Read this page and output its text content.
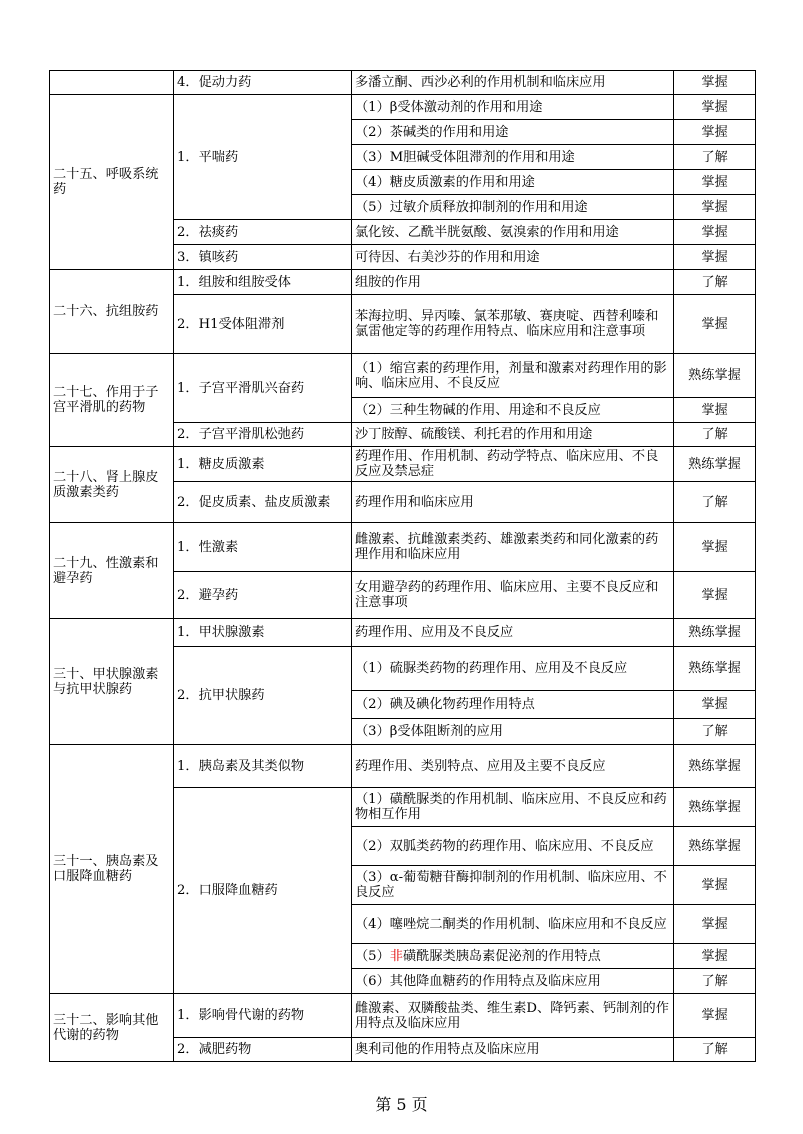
	4．促动力药	多潘立酮、西沙必利的作用机制和临床应用	掌握
二十五、呼吸系统药	1．平喘药	（1）β受体激动剂的作用和用途	掌握
		（2）茶碱类的作用和用途	掌握
		（3）M胆碱受体阻滞剂的作用和用途	了解
		（4）糖皮质激素的作用和用途	掌握
		（5）过敏介质释放抑制剂的作用和用途	掌握
	2．祛痰药	氯化铵、乙酰半胱氨酸、氨溴索的作用和用途	掌握
	3．镇咳药	可待因、右美沙芬的作用和用途	掌握
二十六、抗组胺药	1．组胺和组胺受体	组胺的作用	了解
	2．H1受体阻滞剂	苯海拉明、异丙嗪、氯苯那敏、赛庚啶、西替利嗪和氯雷他定等的药理作用特点、临床应用和注意事项	掌握
二十七、作用于子宫平滑肌的药物	1．子宫平滑肌兴奋药	（1）缩宫素的药理作用，剂量和激素对药理作用的影响、临床应用、不良反应	熟练掌握
		（2）三种生物碱的作用、用途和不良反应	掌握
	2．子宫平滑肌松弛药	沙丁胺醇、硫酸镁、利托君的作用和用途	了解
二十八、肾上腺皮质激素类药	1．糖皮质激素	药理作用、作用机制、药动学特点、临床应用、不良反应及禁忌症	熟练掌握
	2．促皮质素、盐皮质激素	药理作用和临床应用	了解
二十九、性激素和避孕药	1．性激素	雌激素、抗雌激素类药、雄激素类药和同化激素的药理作用和临床应用	掌握
	2．避孕药	女用避孕药的药理作用、临床应用、主要不良反应和注意事项	掌握
三十、甲状腺激素与抗甲状腺药	1．甲状腺激素	药理作用、应用及不良反应	熟练掌握
	2．抗甲状腺药	（1）硫脲类药物的药理作用、应用及不良反应	熟练掌握
		（2）碘及碘化物药理作用特点	掌握
		（3）β受体阻断剂的应用	了解
三十一、胰岛素及口服降血糖药	1．胰岛素及其类似物	药理作用、类别特点、应用及主要不良反应	熟练掌握
	2．口服降血糖药	（1）磺酰脲类的作用机制、临床应用、不良反应和药物相互作用	熟练掌握
		（2）双胍类药物的药理作用、临床应用、不良反应	熟练掌握
		（3）α-葡萄糖苷酶抑制剂的作用机制、临床应用、不良反应	掌握
		（4）噻唑烷二酮类的作用机制、临床应用和不良反应	掌握
		（5）非磺酰脲类胰岛素促泌剂的作用特点	掌握
		（6）其他降血糖药的作用特点及临床应用	了解
三十二、影响其他代谢的药物	1．影响骨代谢的药物	雌激素、双膦酸盐类、维生素D、降钙素、钙制剂的作用特点及临床应用	掌握
	2．减肥药物	奥利司他的作用特点及临床应用	了解
第 5 页
